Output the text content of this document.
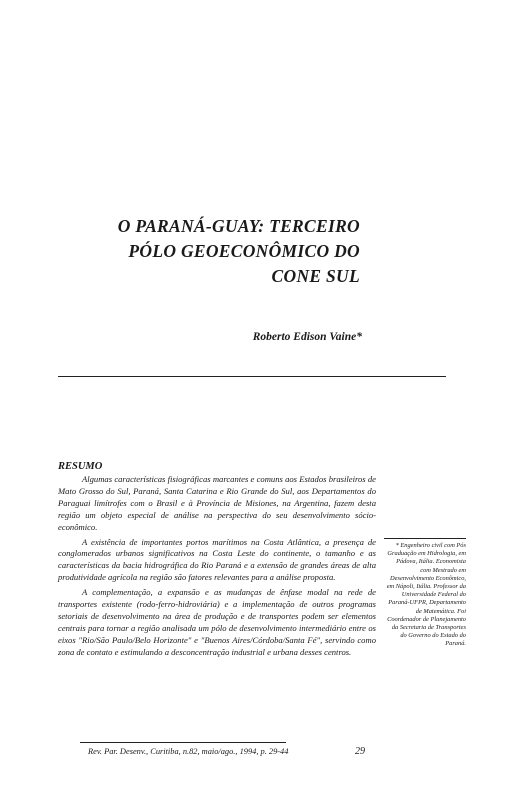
O PARANÁ-GUAY: TERCEIRO
PÓLO GEOECONÔMICO DO
CONE SUL
Roberto Edison Vaine*
RESUMO

Algumas características fisiográficas marcantes e comuns aos Estados brasileiros de Mato Grosso do Sul, Paraná, Santa Catarina e Rio Grande do Sul, aos Departamentos do Paraguai limítrofes com o Brasil e à Província de Misiones, na Argentina, fazem desta região um objeto especial de análise na perspectiva do seu desenvolvimento sócio-econômico.

A existência de importantes portos marítimos na Costa Atlântica, a presença de conglomerados urbanos significativos na Costa Leste do continente, o tamanho e as características da bacia hidrográfica do Rio Paraná e a extensão de grandes áreas de alta produtividade agrícola na região são fatores relevantes para a análise proposta.

A complementação, a expansão e as mudanças de ênfase modal na rede de transportes existente (rodo-ferro-hidroviária) e a implementação de outros programas setoriais de desenvolvimento na área de produção e de transportes podem ser elementos centrais para tornar a região analisada um pólo de desenvolvimento intermediário entre os eixos "Rio/São Paulo/Belo Horizonte" e "Buenos Aires/Córdoba/Santa Fé", servindo como zona de contato e estimulando a desconcentração industrial e urbana desses centros.

* Engenheiro civil com Pós Graduação em Hidrologia, em Pádova, Itália. Economista com Mestrado em Desenvolvimento Econômico, em Nápoli, Itália. Professor da Universidade Federal do Paraná-UFPR, Departamento de Matemática. Foi Coordenador de Planejamento da Secretaria de Transportes do Governo do Estado do Paraná.
Rev. Par. Desenv., Curitiba, n.82, maio/ago., 1994, p. 29-44	29
